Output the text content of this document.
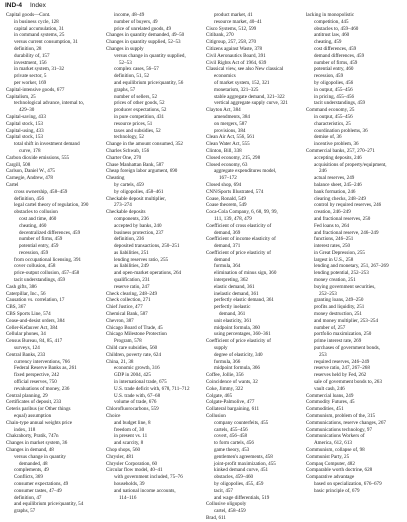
IND-4 Index
Capital goods—Cont.
in business cycle, 128
capital accumulation, 31
in command systems, 25
versus current consumption, 31
definition, 28
durability of, 157
investment, 156
in market system, 31–32
private sector, 5
per worker, 169
Capital-intensive goods, 677
Capitalism, 25
technological advance, internal to,
429–30
Capital-saving, 433
Capital stock, 153
Capital-using, 433
Capital stock, 153
total shift in investment demand
curve, 178
Carbon dioxide emissions, 555
Cargill, 508
Carlson, Daniel W., 475
Carnegie, Andrew, 478
Cartel
cross ownership, 458–459
definition, 456
legal cartel theory of regulation, 390
obstacles to collusion
cost and time, 460
cheating, 460
decentralized differences, 459
number of firms, 459
potential entry, 459
recession, 459
from occupational licensing, 391
cover collusion, 458
price-output collusion, 457–458
tacit understandings, 459
Cash gifts, 386
Caterpillar, Inc., 56
Causation vs. correlation, 17
CBS, 367
CBS Sports Line, 574
Cease-and-desist orders, 384
Celler-Kefauver Act, 384
Cellular phones, 34
Census Bureau, 84, 85, 417
surveys, 124
Central Banks, 233
currency interventions, 766
Federal Reserve Banks as, 261
fixed perspective, 242
official reserves, 750
revaluations of money, 236
Central planning, 29
Certificates of deposit, 233
Ceteris paribus (or Other things
equal) assumption
Chain-type annual weights price
index, 118
Chakraborty, Pratik, 747n
Changes in market system, 36
Changes in demand, 48
versus change in quantity
demanded, 48
complements, 49
Conflicts, 369
consumer expectations, 49
consumer tastes, 47–49
definition, 47
and equilibrium price/quantity, 54
graphs, 57
income, 48–49
number of buyers, 49
price of unrelated goods, 49
Changes in quantity demanded, 49–50
Changes in quantity supplied, 52–53
Changes in supply
versus change in quantity supplied,
52–53
complex cases, 56–57
definition, 51, 52
and equilibrium price/quantity, 56
graphs, 57
number of sellers, 52
prices of other goods, 52
producer expectations, 52
in pure competition, 431
resource prices, 51
taxes and subsidies, 52
technology, 52
Change in the amount consumed, 352
Charles Schwab, 156
Charter One, 270
Chase Manhattan Bank, 587
Cheap foreign labor argument, 690
Cheating
by cartels, 459
by oligopolies, 458–461
Checkable deposit multiplier,
273–274
Checkable deposits
components, 236
accepted by banks, 240
business protection, 237
definition, 236
deposited transactions, 250–251
as liabilities, 251
lending reserves ratio, 255
as liabilities, 249
and open-market operations, 264
qualification, 231
reserve ratio, 247
Check clearing, 248–249
Check collection, 271
Chief Justice, 477
Chemical Bank, 587
Chevron, 387
Chicago Board of Trade, 45
Chicago Milestone Protection
Program, 578
Child care subsidies, 560
Children, poverty rate, 624
China, 21, 38
economic growth, 316
GDP in 2004, 425
in international trade, 675
U.S. trade deficit with, 678, 711–712
U.S. trade with, 67–68
volume of trade, 676
Chlorofluorocarbons, 559
Choice
and budget line, 8
freedom of, 30
in present vs. 11
and scarcity, 8
Chop shops, 560
Chrysler, 481
Chrysler Corporation, 60
Circular flow model, 40–41
with government included, 75–76
households, 39
and national income accounts,
114–116
product market, 41
resource market, 40–41
Cisco Systems, 512, 599
Citibank, 270
Citigroup, 257, 258, 270
Citizens against Waste, 378
Civil Aeronautics Board, 391
Civil Rights Act of 1964, 639
Classical view, see also New classical
economics
of market system, 152, 321
monetarism, 321–325
stable aggregate demand, 321–322
vertical aggregate supply curve, 321
Clayton Act, 384
amendments, 384
on mergers, 587
provisions, 384
Clean Air Act, 556, 561
Clean Water Act, 555
Clinton, Bill, 338
Closed economy, 215, 298
Closed economy, 63
aggregate expenditures model,
167–172
Closed shop, 694
CNN/Sports Illustrated, 574
Coase, Ronald, 549
Coase theorem, 549
Coca-Cola Company, 6, 68, 99, 99,
111, 139, 478, 479
Coefficient of cross elasticity of
demand, 369
Coefficient of income elasticity of
demand, 371
Coefficient of price elasticity of
demand
formula, 364
elimination of minus sign, 360
interpreting, 362
elastic demand, 361
inelastic demand, 361
perfectly elastic demand, 361
perfectly inelastic
demand, 361
unit elasticity, 361
midpoint formula, 360
using percentages, 360–361
Coefficient of price elasticity of
supply
degree of elasticity, 340
formula, 366
midpoint formula, 366
Coffee, Jollie, 356
Coincidence of wants, 32
Coke, Jimmy, 322
Colgate, 465
Colgate-Palmolive, 477
Collateral bargaining, 611
Collusion
company counterfeits, 455
cartels, 455–456
covert, 456–458
to form cartels, 456
game theory, 453
gentlemen's agreements, 458
joint-profit maximization, 455
kinked demand curve, 451
obstacles, 459–460
by oligopolies, 455, 459
tacit, 457
and wage differentials, 519
Collusive oligopoly
cartel, 458–459
Brad, 611
lacking in monopolistic
competition, 445
obstacles to, 459–460
antitrust law, 460
cheating, 459
cost differences, 459
demand differences, 459
number of firms, 459
potential entry, 460
recession, 459
by oligopolies, 456
in output, 455–456
in pricing, 455–456
tacit understandings, 459
Command economy, 25
in output, 455–456
characteristics, 25
coordination problems, 36
demise of, 36
incentive problem, 36
Commercial banks, 257, 270–271
accepting deposits, 246
acquisitions of property/equipment,
246
actual reserves, 249
balance sheet, 245–246
bank formation, 246
clearing checks, 248–249
control by required reserves, 246
creation, 246–249
and fractional reserves, 250
Fed loans to, 264
and fractional reserve, 246–249
functions, 246–251
interest rates, 250
in Great Depression, 255
largest in U.S., 258
lending and monetary, 251, 267–269
lending potential, 252–253
money creation, 251
buying government securities,
252–253
granting loans, 249–250
profits and liquidity, 251
money destruction, 251
and money multiplier, 253–254
number of, 257
portfolio maximization, 250
prime interest rate, 269
purchases of government bonds,
253
required reserves, 246–249
reserve ratio, 247, 267–268
reserves held by Fed, 262
sale of government bonds to, 263
vault cash, 246
Commercial loans, 249
Commodity Futures, 45
Commodities, 451
Communism, problem of the, 315
Communications, reserve changes, 267
Communications technology, 97
Communications Workers of
America, 612, 613
Communism, collapse of, 98
Communist Party, 25
Compaq Computer, 482
Comparable worth doctrine, 628
Comparative advantage
based on specialization, 676–679
basic principle of, 679
